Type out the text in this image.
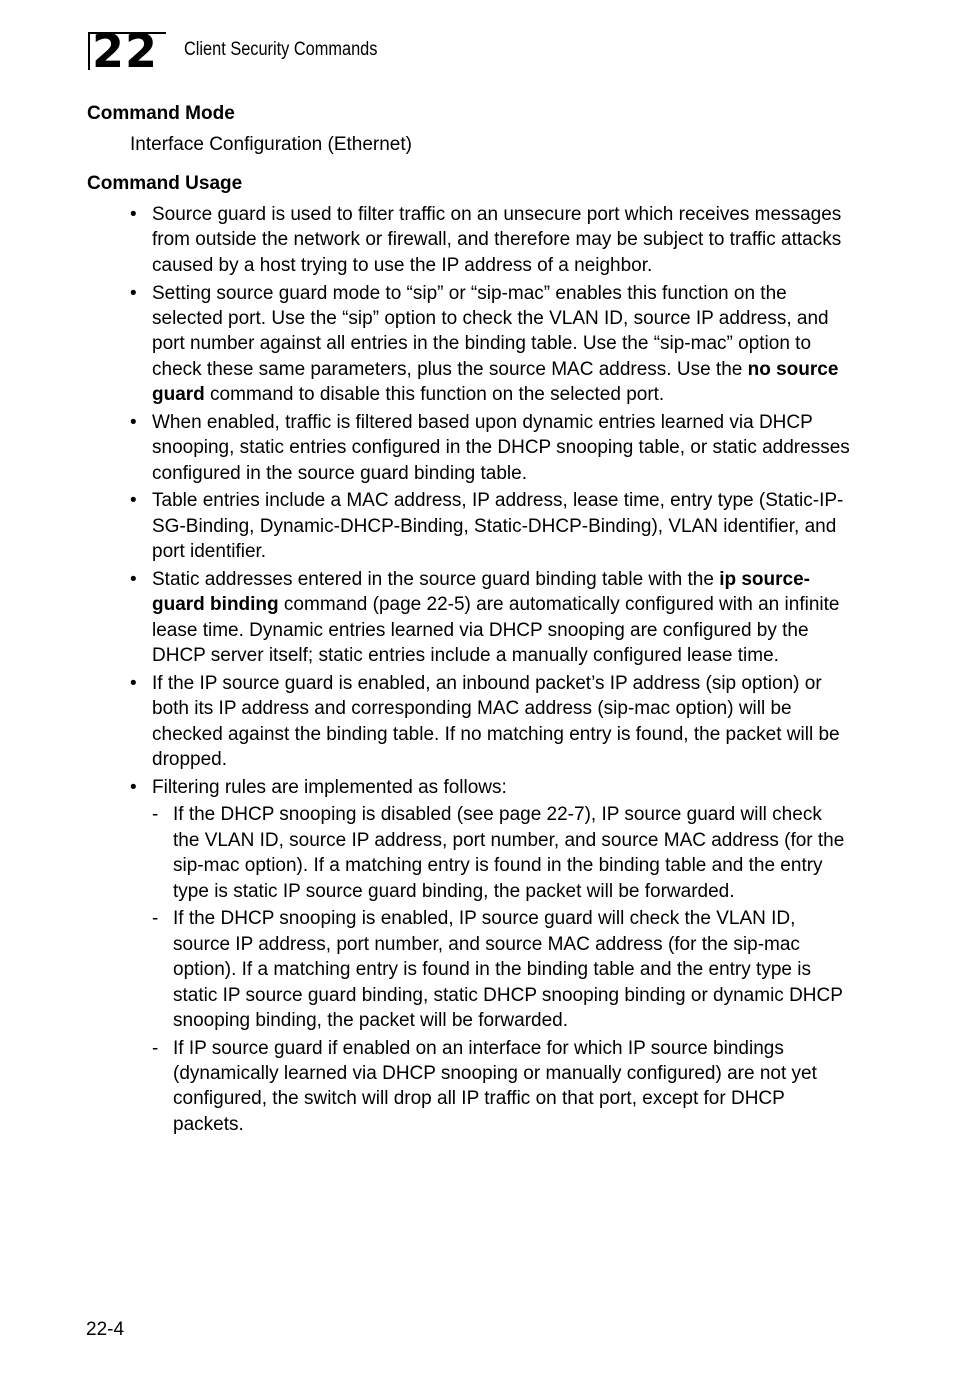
22 Client Security Commands
Command Mode
Interface Configuration (Ethernet)
Command Usage
• Source guard is used to filter traffic on an unsecure port which receives messages from outside the network or firewall, and therefore may be subject to traffic attacks caused by a host trying to use the IP address of a neighbor.
• Setting source guard mode to “sip” or “sip-mac” enables this function on the selected port. Use the “sip” option to check the VLAN ID, source IP address, and port number against all entries in the binding table. Use the “sip-mac” option to check these same parameters, plus the source MAC address. Use the no source guard command to disable this function on the selected port.
• When enabled, traffic is filtered based upon dynamic entries learned via DHCP snooping, static entries configured in the DHCP snooping table, or static addresses configured in the source guard binding table.
• Table entries include a MAC address, IP address, lease time, entry type (Static-IP-SG-Binding, Dynamic-DHCP-Binding, Static-DHCP-Binding), VLAN identifier, and port identifier.
• Static addresses entered in the source guard binding table with the ip source-guard binding command (page 22-5) are automatically configured with an infinite lease time. Dynamic entries learned via DHCP snooping are configured by the DHCP server itself; static entries include a manually configured lease time.
• If the IP source guard is enabled, an inbound packet’s IP address (sip option) or both its IP address and corresponding MAC address (sip-mac option) will be checked against the binding table. If no matching entry is found, the packet will be dropped.
• Filtering rules are implemented as follows:
- If the DHCP snooping is disabled (see page 22-7), IP source guard will check the VLAN ID, source IP address, port number, and source MAC address (for the sip-mac option). If a matching entry is found in the binding table and the entry type is static IP source guard binding, the packet will be forwarded.
- If the DHCP snooping is enabled, IP source guard will check the VLAN ID, source IP address, port number, and source MAC address (for the sip-mac option). If a matching entry is found in the binding table and the entry type is static IP source guard binding, static DHCP snooping binding or dynamic DHCP snooping binding, the packet will be forwarded.
- If IP source guard if enabled on an interface for which IP source bindings (dynamically learned via DHCP snooping or manually configured) are not yet configured, the switch will drop all IP traffic on that port, except for DHCP packets.
22-4
